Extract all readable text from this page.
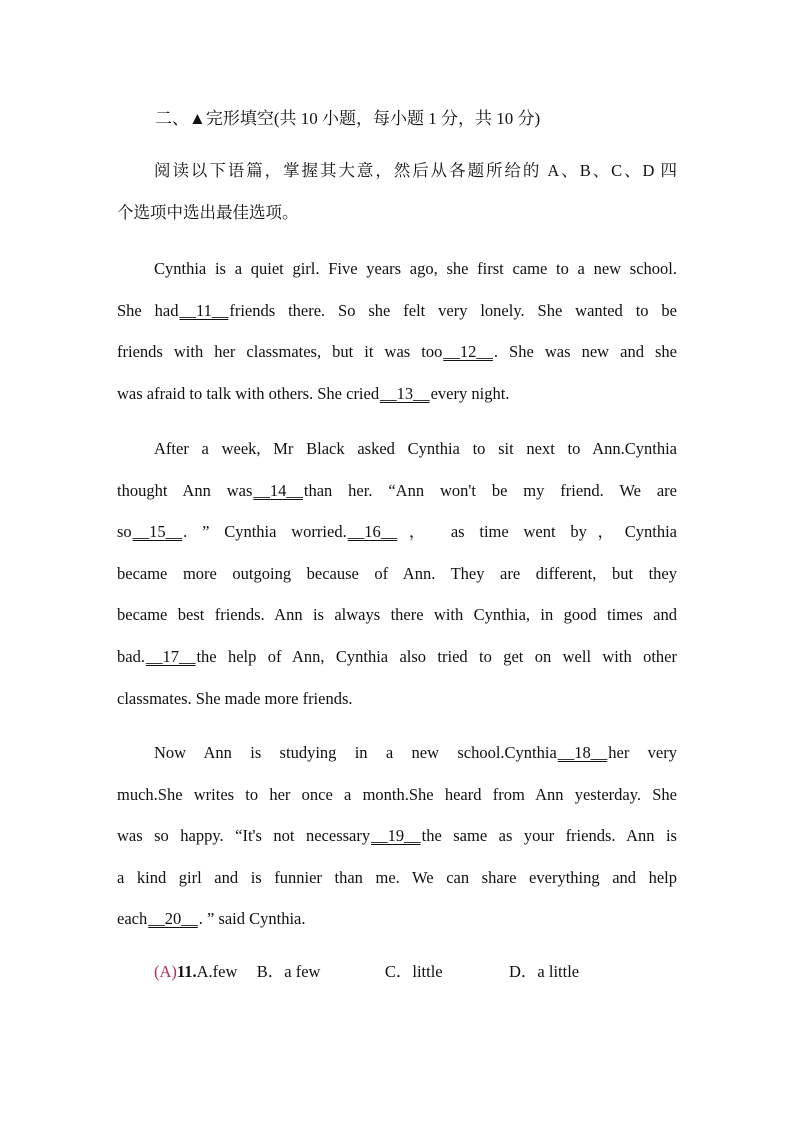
二、▲完形填空(共 10 小题，每小题 1 分，共 10 分)
阅读以下语篇，掌握其大意，然后从各题所给的 A、B、C、D 四
个选项中选出最佳选项。
Cynthia is a quiet girl. Five years ago, she first came to a new school.
She had__11__friends there. So she felt very lonely. She wanted to be
friends with her classmates, but it was too__12__. She was new and she
was afraid to talk with others. She cried__13__every night.
After a week, Mr Black asked Cynthia to sit next to Ann.Cynthia
thought Ann was__14__than her. “Ann won't be my friend. We are
so__15__. ” Cynthia worried.__16__， as time went by，Cynthia
became more outgoing because of Ann. They are different, but they
became best friends. Ann is always there with Cynthia, in good times and
bad.__17__the help of Ann, Cynthia also tried to get on well with other
classmates. She made more friends.
Now Ann is studying in a new school.Cynthia__18__her very
much.She writes to her once a month.She heard from Ann yesterday. She
was so happy. “It's not necessary__19__the same as your friends. Ann is
a kind girl and is funnier than me. We can share everything and help
each__20__. ” said Cynthia.
(A)11.A.few B．a few	C．little	D．a little
